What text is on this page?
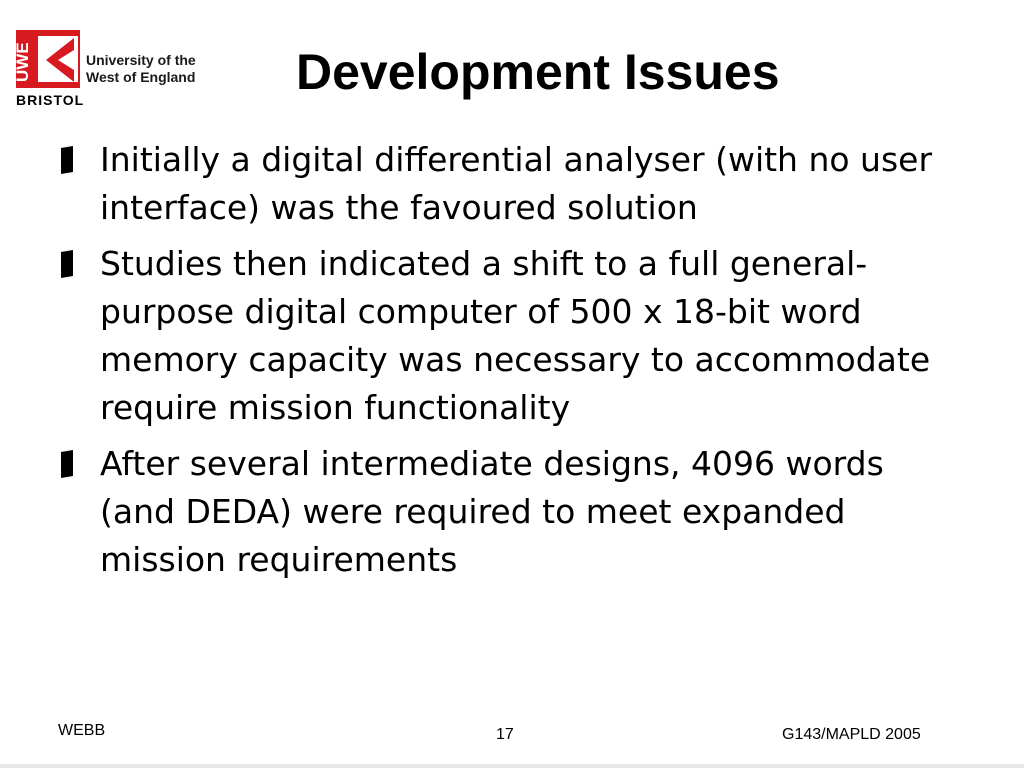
UWE
BRISTOL
University of the
West of England Development Issues
Initially a digital differential analyser (with no user interface) was the favoured solution
Studies then indicated a shift to a full general-purpose digital computer of 500 x 18-bit word memory capacity was necessary to accommodate require mission functionality
After several intermediate designs, 4096 words (and DEDA) were required to meet expanded mission requirements
WEBB	17	G143/MAPLD 2005
